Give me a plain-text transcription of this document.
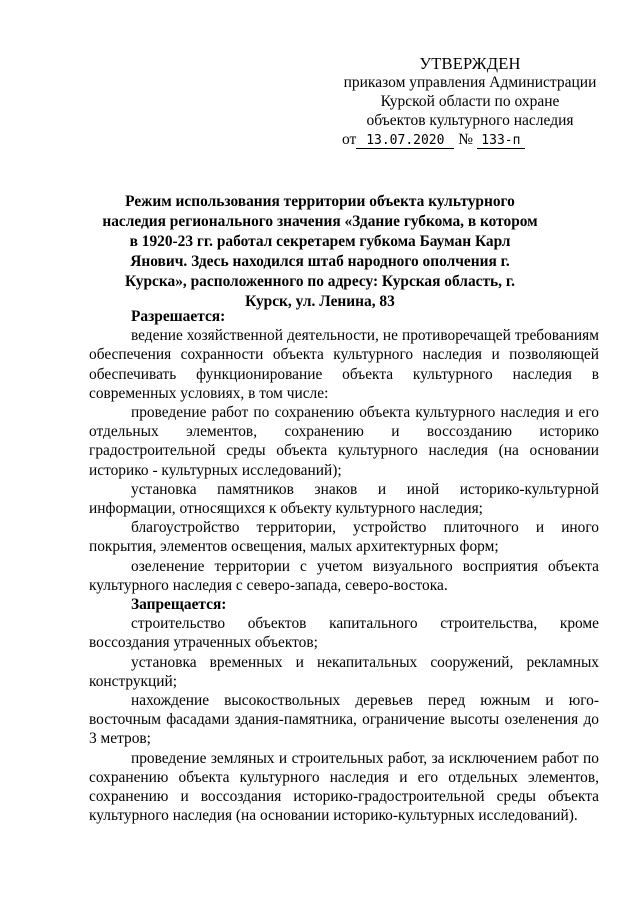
УТВЕРЖДЕН
приказом управления Администрации
Курской области по охране
объектов культурного наследия
от 13.07.2020 № 133-п
Режим использования территории объекта культурного наследия регионального значения «Здание губкома, в котором в 1920-23 гг. работал секретарем губкома Бауман Карл Янович. Здесь находился штаб народного ополчения г. Курска», расположенного по адресу: Курская область, г. Курск, ул. Ленина, 83

Разрешается:

ведение хозяйственной деятельности, не противоречащей требованиям обеспечения сохранности объекта культурного наследия и позволяющей обеспечивать функционирование объекта культурного наследия в современных условиях, в том числе:

проведение работ по сохранению объекта культурного наследия и его отдельных элементов, сохранению и воссозданию историко градостроительной среды объекта культурного наследия (на основании историко - культурных исследований);

установка памятников знаков и иной историко-культурной информации, относящихся к объекту культурного наследия;

благоустройство территории, устройство плиточного и иного покрытия, элементов освещения, малых архитектурных форм;

озеленение территории с учетом визуального восприятия объекта культурного наследия с северо-запада, северо-востока.

Запрещается:

строительство объектов капитального строительства, кроме воссоздания утраченных объектов;

установка временных и некапитальных сооружений, рекламных конструкций;

нахождение высокоствольных деревьев перед южным и юго-восточным фасадами здания-памятника, ограничение высоты озеленения до 3 метров;

проведение земляных и строительных работ, за исключением работ по сохранению объекта культурного наследия и его отдельных элементов, сохранению и воссоздания историко-градостроительной среды объекта культурного наследия (на основании историко-культурных исследований).
